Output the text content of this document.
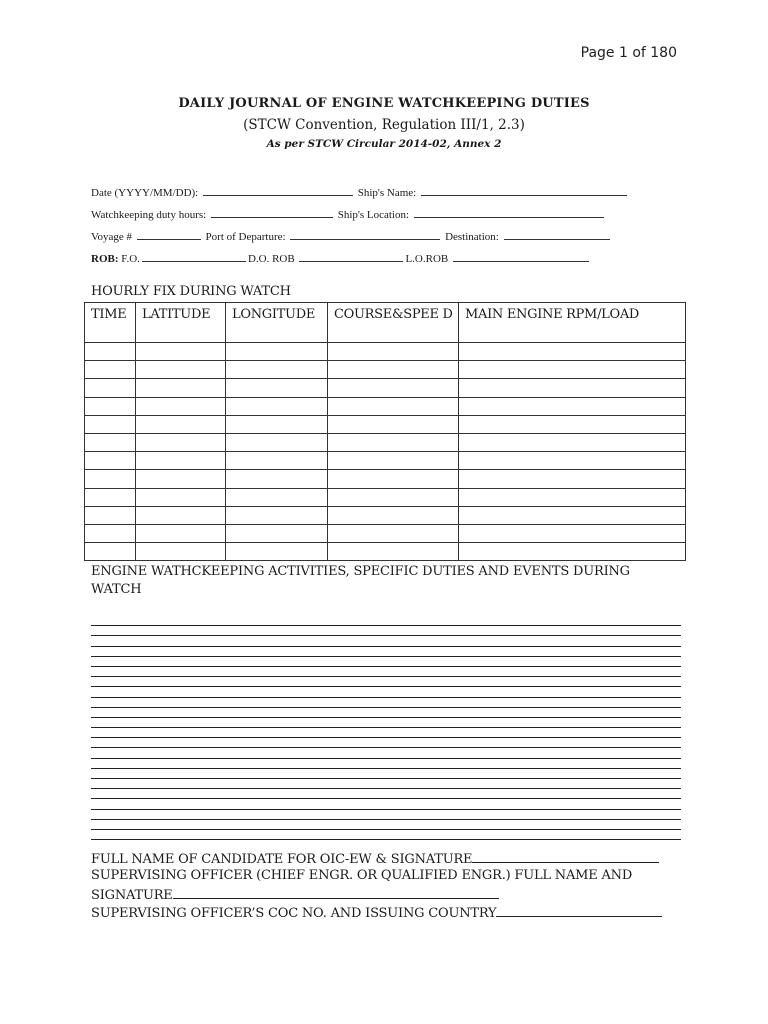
Page 1 of 180
DAILY JOURNAL OF ENGINE WATCHKEEPING DUTIES
(STCW Convention, Regulation III/1, 2.3)
As per STCW Circular 2014-02, Annex 2
Date (YYYY/MM/DD):	Ship's Name:
Watchkeeping duty hours:	Ship's Location:
Voyage #	Port of Departure:	Destination:
ROB: F.O.	D.O. ROB	L.O.ROB
HOURLY FIX DURING WATCH
TIME	LATITUDE	LONGITUDE	COURSE&SPEE D	MAIN ENGINE RPM/LOAD

ENGINE WATHCKEEPING ACTIVITIES, SPECIFIC DUTIES AND EVENTS DURING WATCH
FULL NAME OF CANDIDATE FOR OIC-EW & SIGNATURE
SUPERVISING OFFICER (CHIEF ENGR. OR QUALIFIED ENGR.) FULL NAME AND
SIGNATURE
SUPERVISING OFFICER’S COC NO. AND ISSUING COUNTRY
